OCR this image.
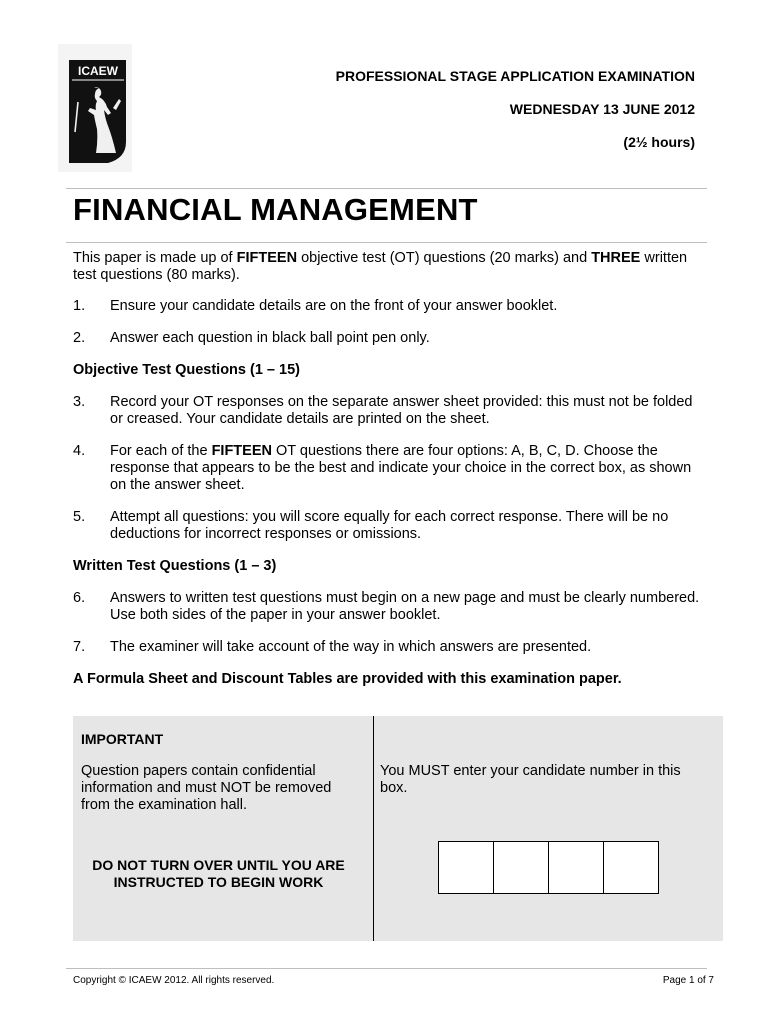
ICAEW	PROFESSIONAL STAGE APPLICATION EXAMINATION
WEDNESDAY 13 JUNE 2012
(2½ hours)
FINANCIAL MANAGEMENT

This paper is made up of FIFTEEN objective test (OT) questions (20 marks) and THREE written test questions (80 marks).

1.	Ensure your candidate details are on the front of your answer booklet.
2.	Answer each question in black ball point pen only.
Objective Test Questions (1 – 15)
3.	Record your OT responses on the separate answer sheet provided: this must not be folded or creased. Your candidate details are printed on the sheet.
4.	For each of the FIFTEEN OT questions there are four options: A, B, C, D. Choose the response that appears to be the best and indicate your choice in the correct box, as shown on the answer sheet.
5.	Attempt all questions: you will score equally for each correct response. There will be no deductions for incorrect responses or omissions.
Written Test Questions (1 – 3)
6.	Answers to written test questions must begin on a new page and must be clearly numbered. Use both sides of the paper in your answer booklet.
7.	The examiner will take account of the way in which answers are presented.
A Formula Sheet and Discount Tables are provided with this examination paper.
IMPORTANT
Question papers contain confidential information and must NOT be removed from the examination hall.
DO NOT TURN OVER UNTIL YOU ARE INSTRUCTED TO BEGIN WORK
You MUST enter your candidate number in this box.
Copyright © ICAEW 2012. All rights reserved.	Page 1 of 7
